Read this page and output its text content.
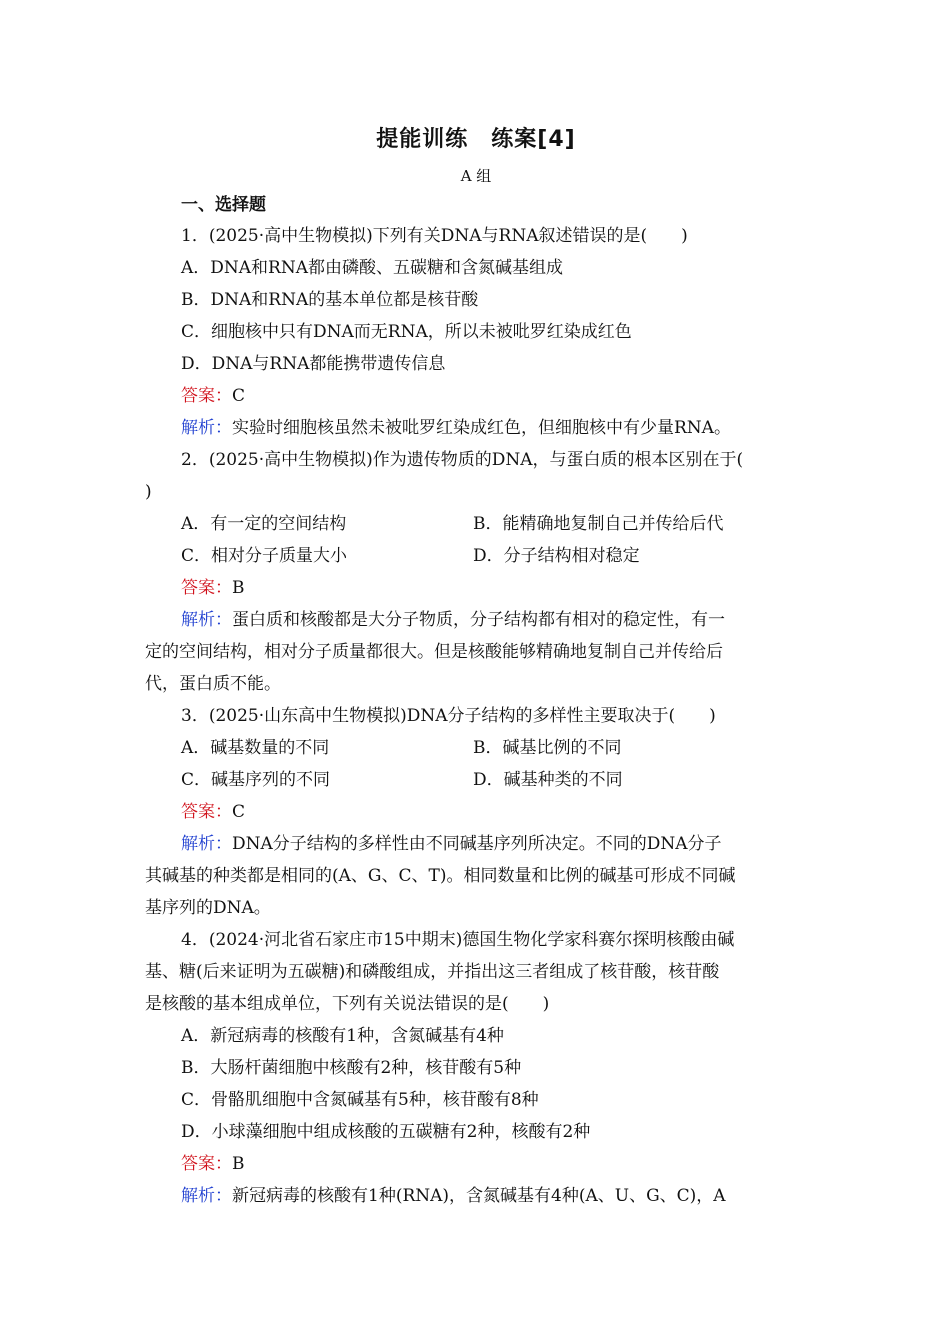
提能训练　练案[4]
A 组
一、选择题
1．(2025·高中生物模拟)下列有关DNA与RNA叙述错误的是(　　)
A．DNA和RNA都由磷酸、五碳糖和含氮碱基组成
B．DNA和RNA的基本单位都是核苷酸
C．细胞核中只有DNA而无RNA，所以未被吡罗红染成红色
D．DNA与RNA都能携带遗传信息
答案：C
解析：实验时细胞核虽然未被吡罗红染成红色，但细胞核中有少量RNA。
2．(2025·高中生物模拟)作为遗传物质的DNA，与蛋白质的根本区别在于(
)
A．有一定的空间结构	B．能精确地复制自己并传给后代
C．相对分子质量大小	D．分子结构相对稳定
答案：B
解析：蛋白质和核酸都是大分子物质，分子结构都有相对的稳定性，有一
定的空间结构，相对分子质量都很大。但是核酸能够精确地复制自己并传给后
代，蛋白质不能。
3．(2025·山东高中生物模拟)DNA分子结构的多样性主要取决于(　　)
A．碱基数量的不同	B．碱基比例的不同
C．碱基序列的不同	D．碱基种类的不同
答案：C
解析：DNA分子结构的多样性由不同碱基序列所决定。不同的DNA分子
其碱基的种类都是相同的(A、G、C、T)。相同数量和比例的碱基可形成不同碱
基序列的DNA。
4．(2024·河北省石家庄市15中期末)德国生物化学家科赛尔探明核酸由碱
基、糖(后来证明为五碳糖)和磷酸组成，并指出这三者组成了核苷酸，核苷酸
是核酸的基本组成单位，下列有关说法错误的是(　　)
A．新冠病毒的核酸有1种，含氮碱基有4种
B．大肠杆菌细胞中核酸有2种，核苷酸有5种
C．骨骼肌细胞中含氮碱基有5种，核苷酸有8种
D．小球藻细胞中组成核酸的五碳糖有2种，核酸有2种
答案：B
解析：新冠病毒的核酸有1种(RNA)，含氮碱基有4种(A、U、G、C)，A
